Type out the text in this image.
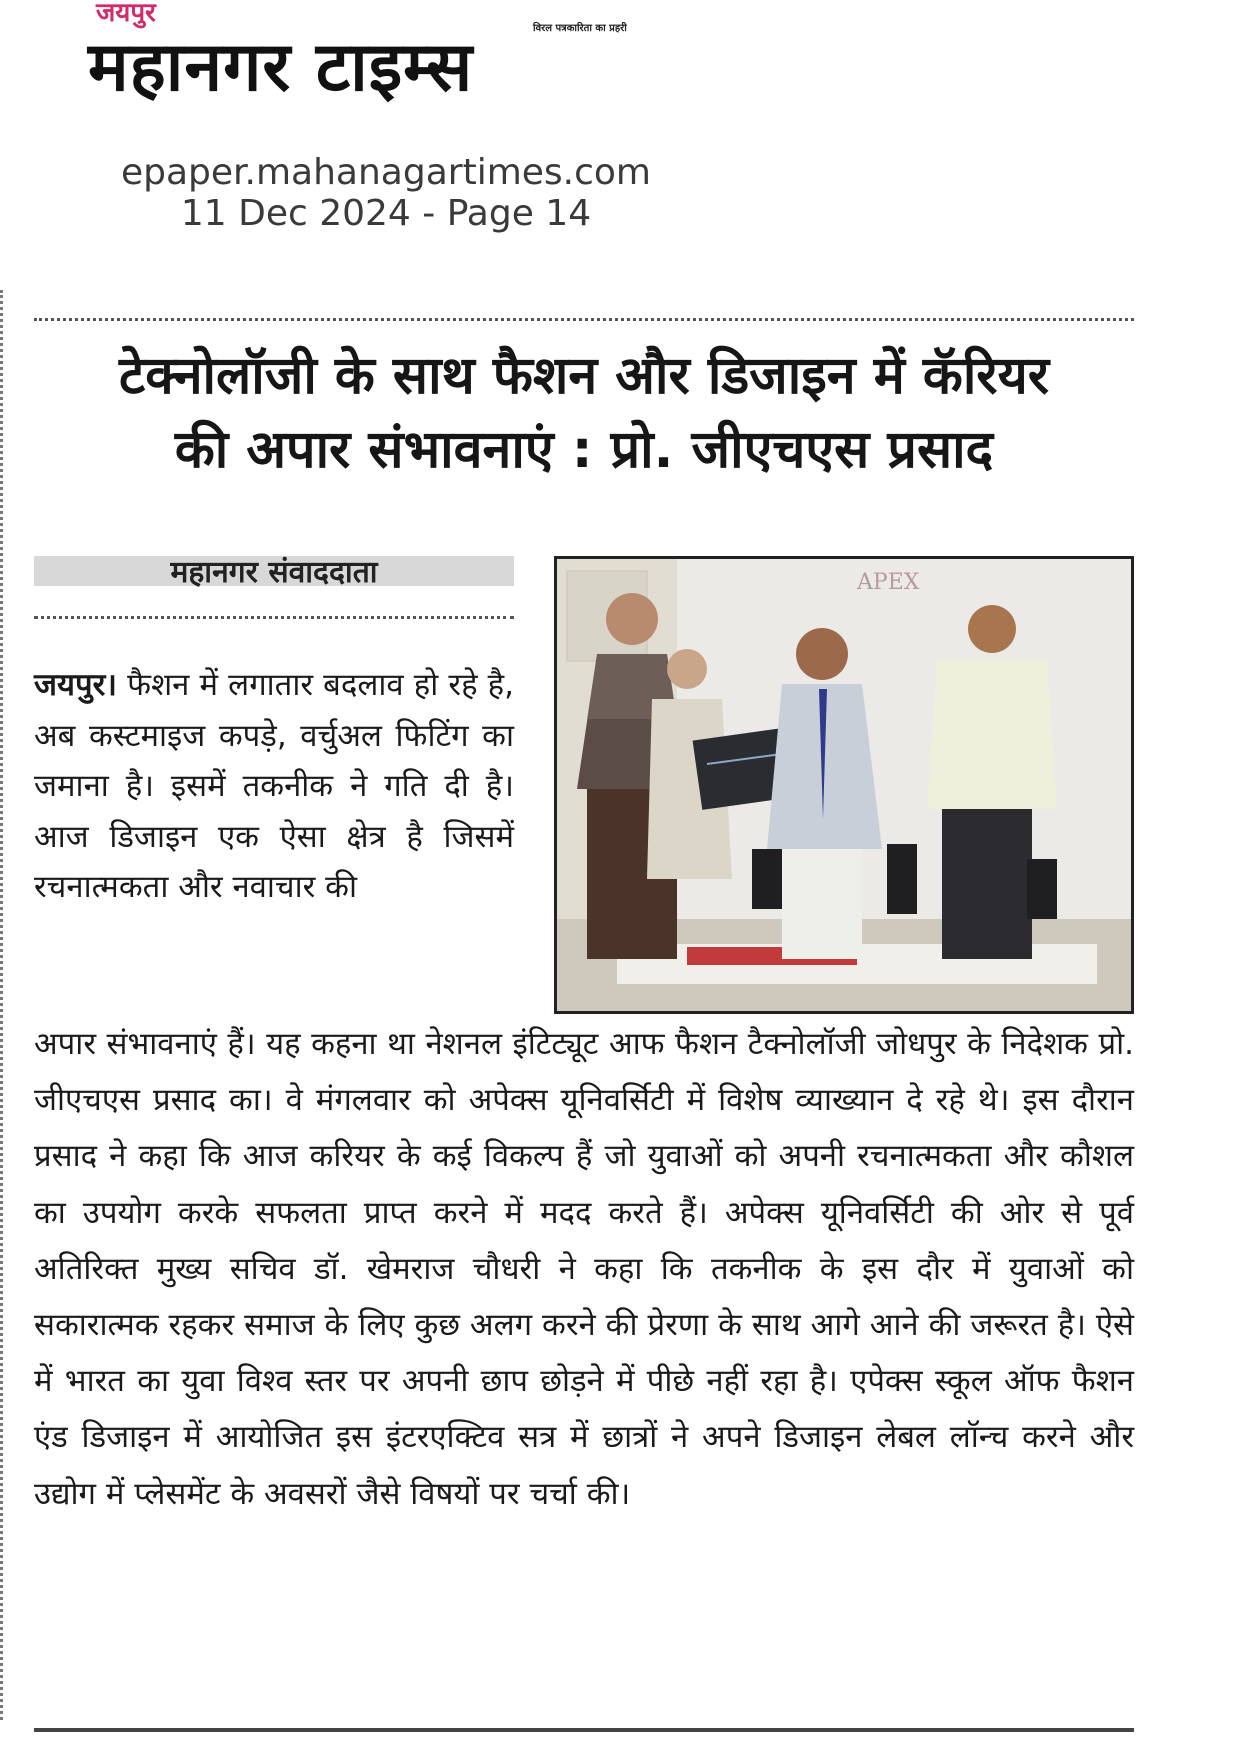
जयपुर
विरल पत्रकारिता का प्रहरी
महानगर टाइम्स
epaper.mahanagartimes.com
11 Dec 2024 - Page 14
टेक्नोलॉजी के साथ फैशन और डिजाइन में कॅरियर
की अपार संभावनाएं : प्रो. जीएचएस प्रसाद
महानगर संवाददाता

जयपुर। फैशन में लगातार बदलाव हो रहे है, अब कस्टमाइज कपड़े, वर्चुअल फिटिंग का जमाना है। इसमें तकनीक ने गति दी है। आज डिजाइन एक ऐसा क्षेत्र है जिसमें रचनात्मकता और नवाचार की

APEX

अपार संभावनाएं हैं। यह कहना था नेशनल इंटिट्यूट आफ फैशन टैक्नोलॉजी जोधपुर के निदेशक प्रो. जीएचएस प्रसाद का। वे मंगलवार को अपेक्स यूनिवर्सिटी में विशेष व्याख्यान दे रहे थे। इस दौरान प्रसाद ने कहा कि आज करियर के कई विकल्प हैं जो युवाओं को अपनी रचनात्मकता और कौशल का उपयोग करके सफलता प्राप्त करने में मदद करते हैं। अपेक्स यूनिवर्सिटी की ओर से पूर्व अतिरिक्त मुख्य सचिव डॉ. खेमराज चौधरी ने कहा कि तकनीक के इस दौर में युवाओं को सकारात्मक रहकर समाज के लिए कुछ अलग करने की प्रेरणा के साथ आगे आने की जरूरत है। ऐसे में भारत का युवा विश्व स्तर पर अपनी छाप छोड़ने में पीछे नहीं रहा है। एपेक्स स्कूल ऑफ फैशन एंड डिजाइन में आयोजित इस इंटरएक्टिव सत्र में छात्रों ने अपने डिजाइन लेबल लॉन्च करने और उद्योग में प्लेसमेंट के अवसरों जैसे विषयों पर चर्चा की।
